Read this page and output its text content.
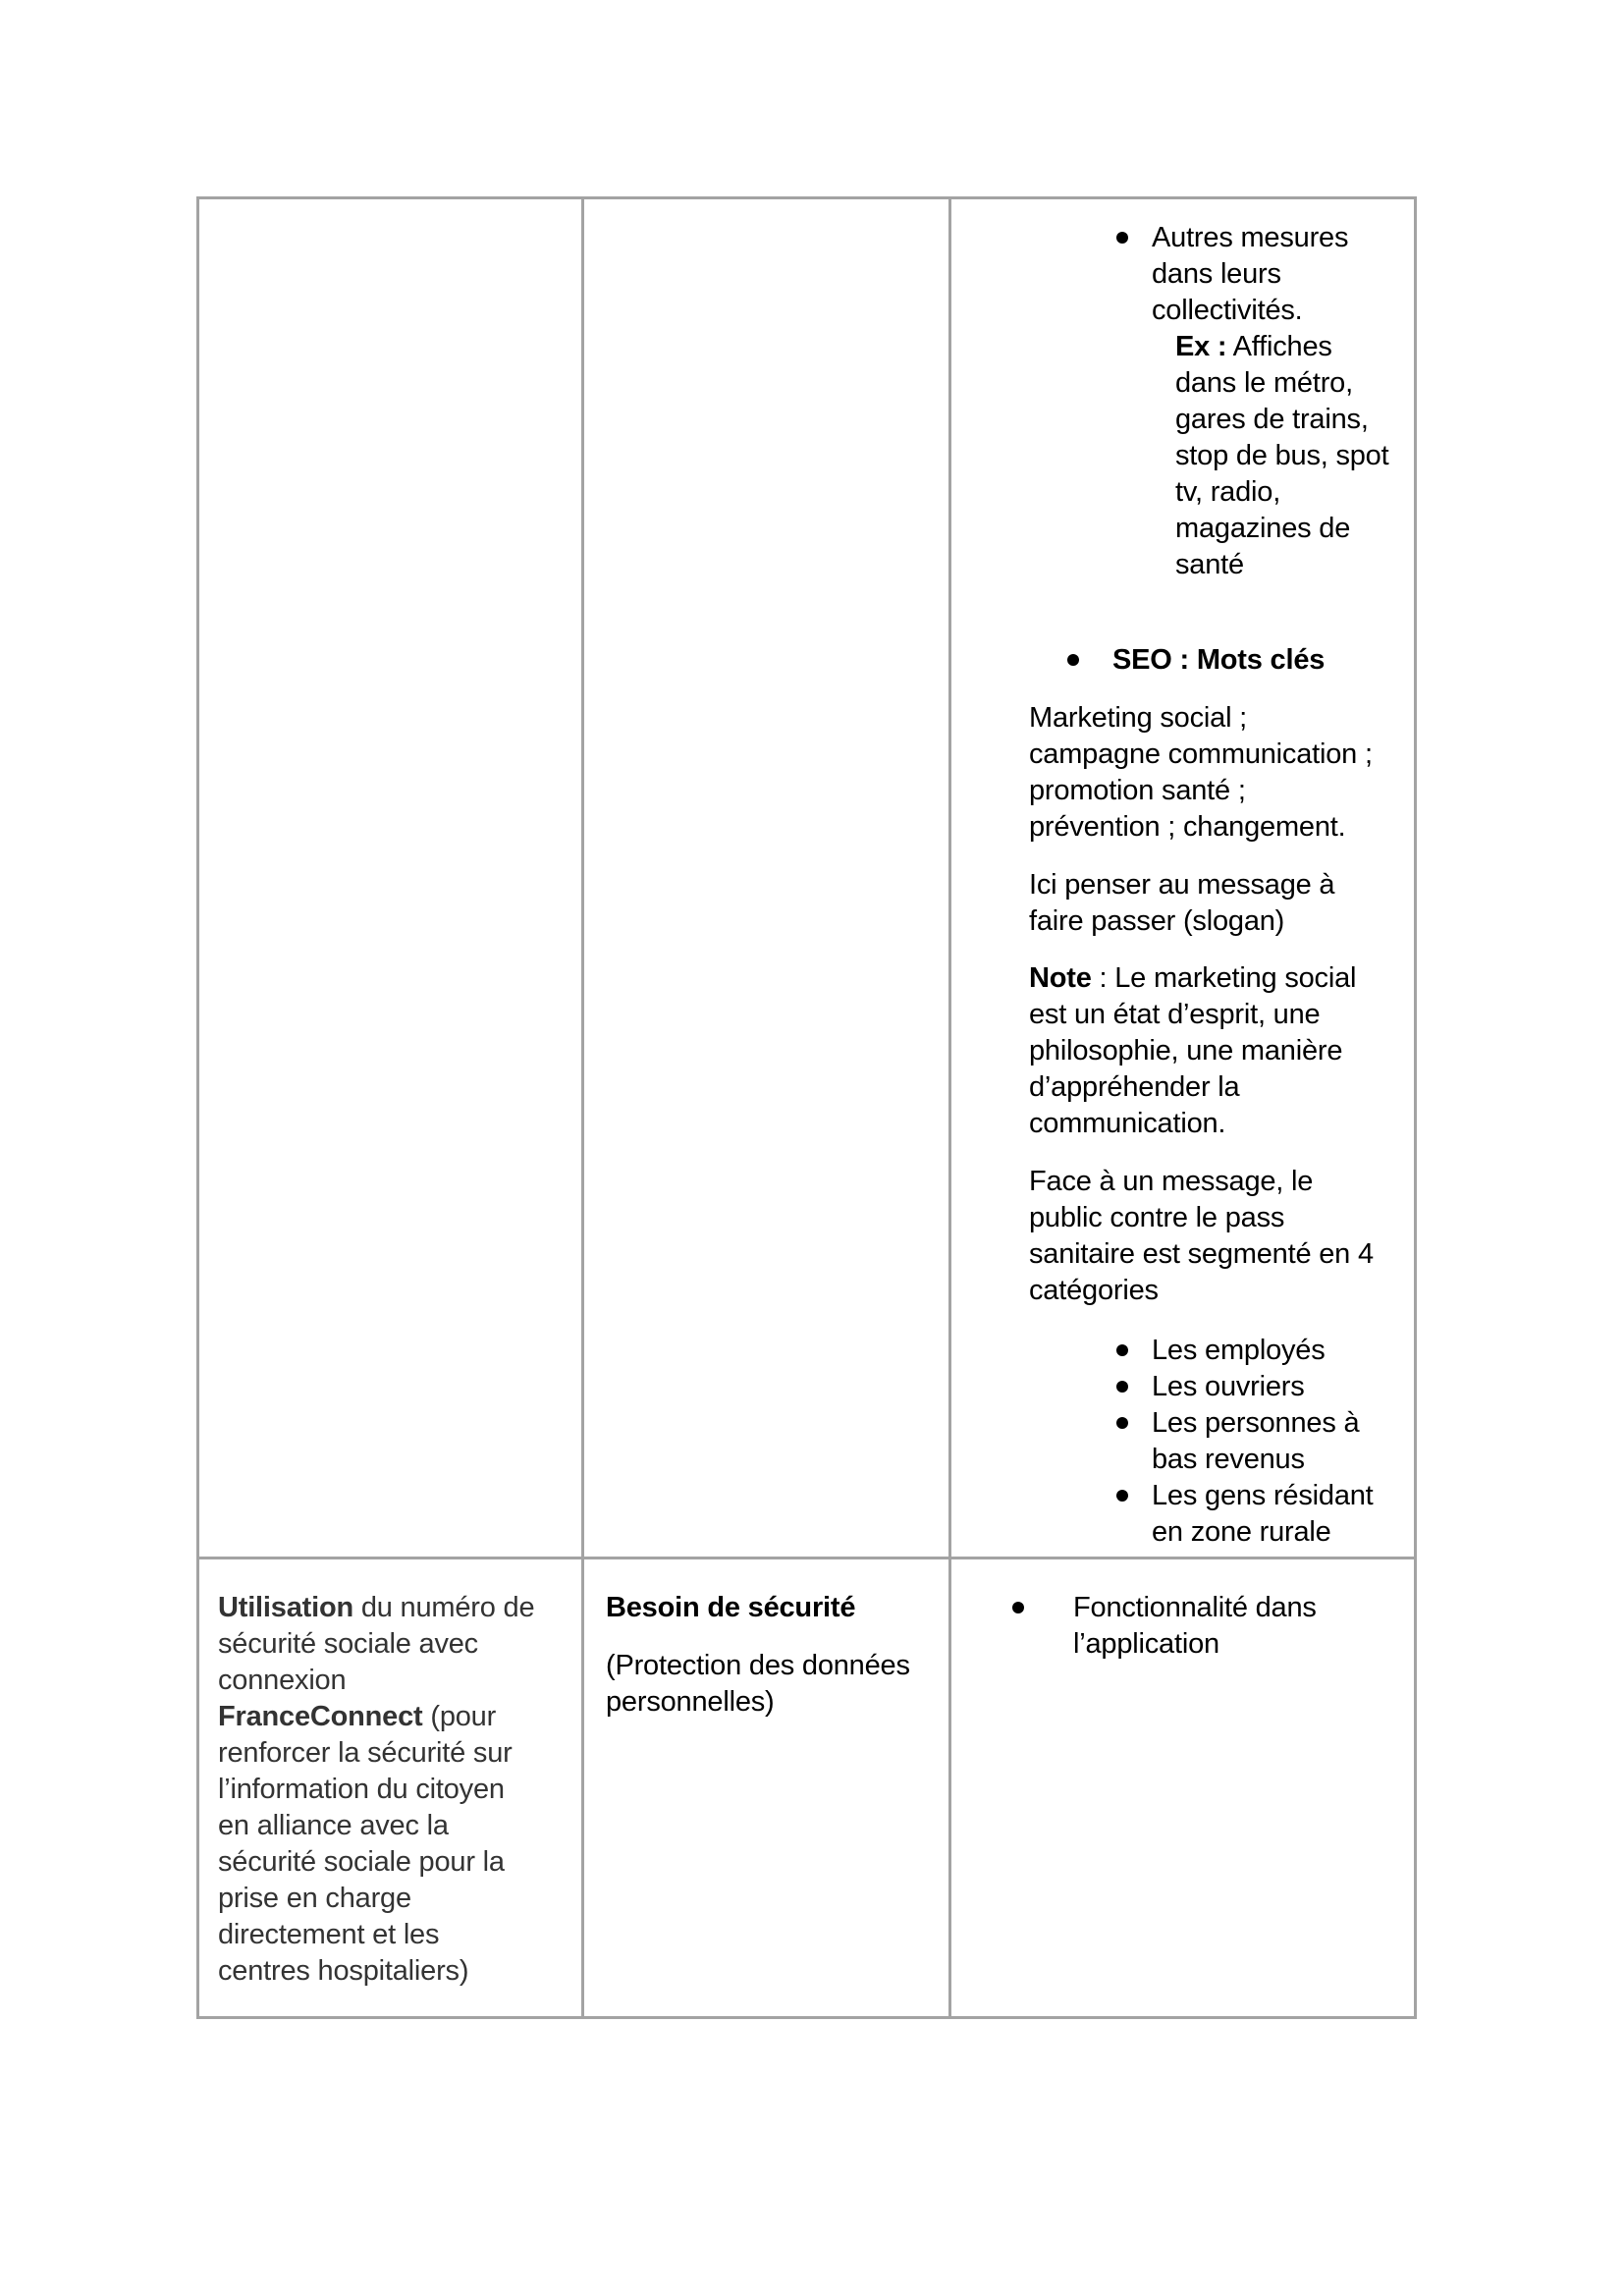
Autres mesures
dans leurs
collectivités.
Ex : Affiches
dans le métro,
gares de trains,
stop de bus, spot
tv, radio,
magazines de
santé
SEO : Mots clés
Marketing social ;
campagne communication ;
promotion santé ;
prévention ; changement.
Ici penser au message à
faire passer (slogan)
Note : Le marketing social
est un état d’esprit, une
philosophie, une manière
d’appréhender la
communication.
Face à un message, le
public contre le pass
sanitaire est segmenté en 4
catégories
Les employés
Les ouvriers
Les personnes à
bas revenus
Les gens résidant
en zone rurale
Utilisation du numéro de
sécurité sociale avec
connexion
FranceConnect (pour
renforcer la sécurité sur
l’information du citoyen
en alliance avec la
sécurité sociale pour la
prise en charge
directement et les
centres hospitaliers)
Besoin de sécurité
(Protection des données
personnelles)
Fonctionnalité dans
l’application
